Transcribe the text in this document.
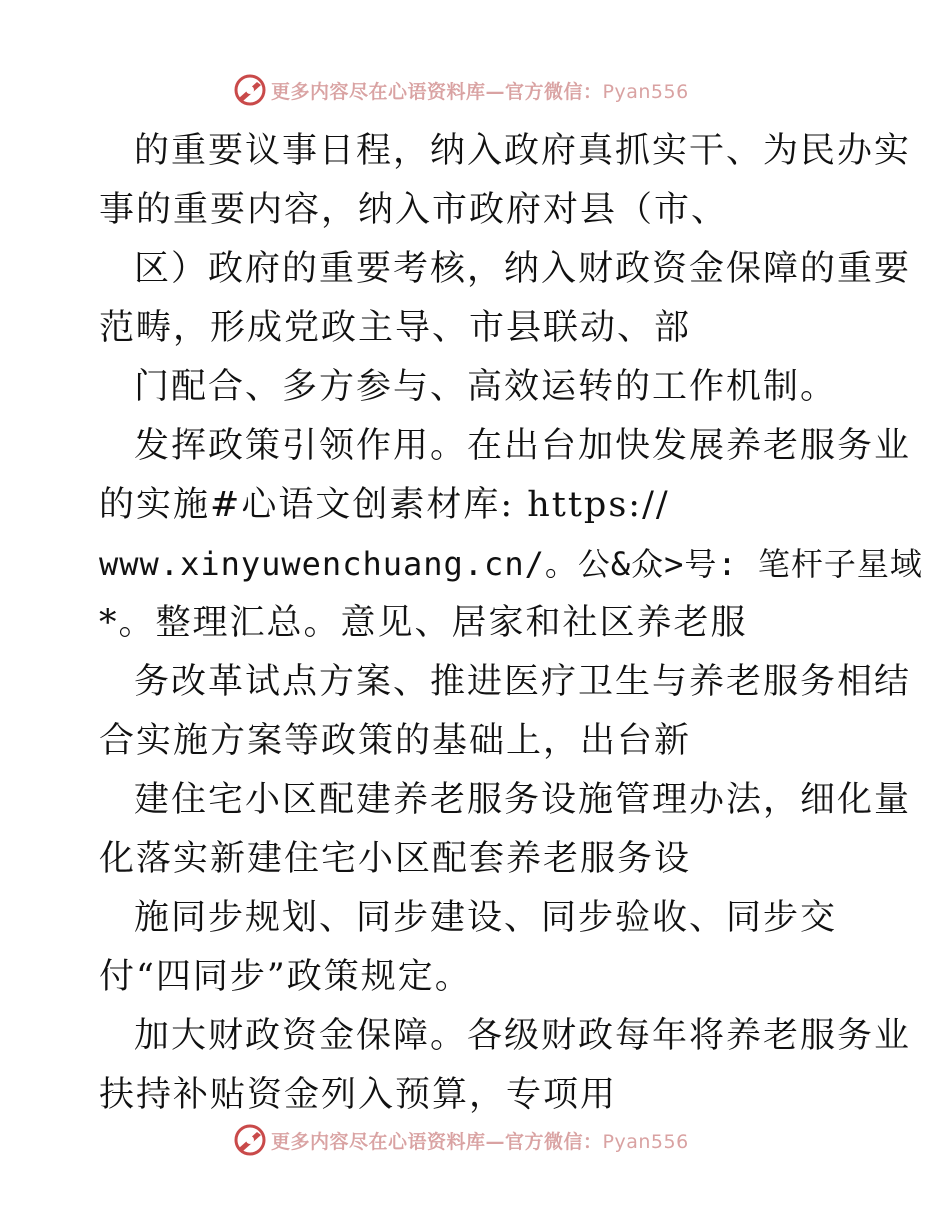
更多内容尽在心语资料库—官方微信：Pyan556
的重要议事日程，纳入政府真抓实干、为民办实
事的重要内容，纳入市政府对县（市、
区）政府的重要考核，纳入财政资金保障的重要
范畴，形成党政主导、市县联动、部
门配合、多方参与、高效运转的工作机制。
发挥政策引领作用。在出台加快发展养老服务业
的实施#心语文创素材库: https://
www.xinyuwenchuang.cn/。公&众>号: 笔杆子星域
*。整理汇总。意见、居家和社区养老服
务改革试点方案、推进医疗卫生与养老服务相结
合实施方案等政策的基础上，出台新
建住宅小区配建养老服务设施管理办法，细化量
化落实新建住宅小区配套养老服务设
施同步规划、同步建设、同步验收、同步交
付“四同步”政策规定。
加大财政资金保障。各级财政每年将养老服务业
扶持补贴资金列入预算，专项用
更多内容尽在心语资料库—官方微信：Pyan556
